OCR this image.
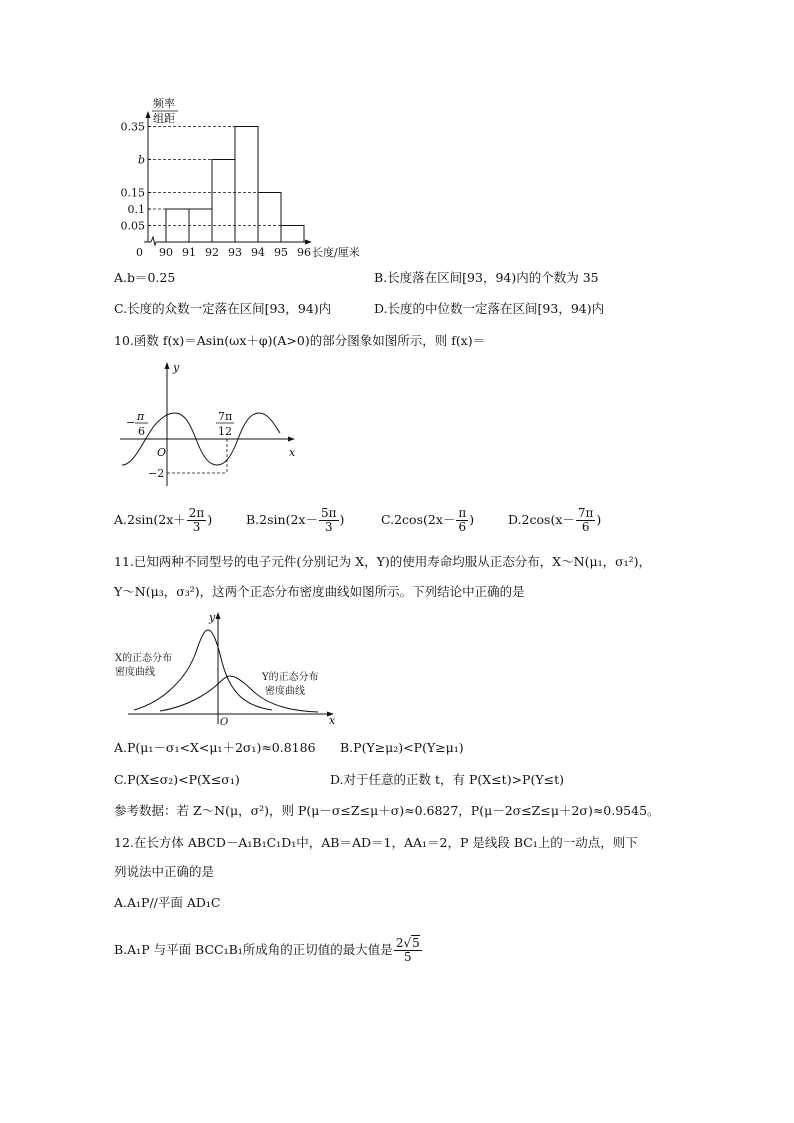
频率
组距
0.05
0.1
0.15
b
0.35
90 91 92 93 94 95 96 长度/厘米
0
A.b＝0.25	B.长度落在区间[93，94)内的个数为 35
C.长度的众数一定落在区间[93，94)内	D.长度的中位数一定落在区间[93，94)内
10.函数 f(x)＝Asin(ωx＋φ)(A>0)的部分图象如图所示，则 f(x)＝
y
x
O
−2
− π
6
7π
12
$A.2\sin(2x+ \frac{2\pi}{3}$ )	$B.2\sin(2x- \frac{5\pi}{3}$ )	$C.2\cos(2x- \frac{\pi}{6}$ )	$D.2\cos(x- \frac{7\pi}{6}$ )
11.已知两种不同型号的电子元件(分别记为 X，Y)的使用寿命均服从正态分布，X～N(μ₁，σ₁²)，
Y～N(μ₃，σ₃²)，这两个正态分布密度曲线如图所示。下列结论中正确的是
y
x
O
X的正态分布
密度曲线	Y的正态分布
密度曲线
A.P(μ₁－σ₁<X<μ₁＋2σ₁)≈0.8186 B.P(Y≥μ₂)<P(Y≥μ₁)
C.P(X≤σ₂)<P(X≤σ₁)	D.对于任意的正数 t，有 P(X≤t)>P(Y≤t)
参考数据：若 Z～N(μ，σ²)，则 P(μ－σ≤Z≤μ＋σ)≈0.6827，P(μ－2σ≤Z≤μ＋2σ)≈0.9545。
12.在长方体 ABCD－A₁B₁C₁D₁中，AB＝AD＝1，AA₁＝2，P 是线段 BC₁上的一动点，则下
列说法中正确的是
A.A₁P//平面 AD₁C
B.A₁P 与平面 BCC₁B₁所成角的正切值的最大值是 $\frac{2√5}{5}$
